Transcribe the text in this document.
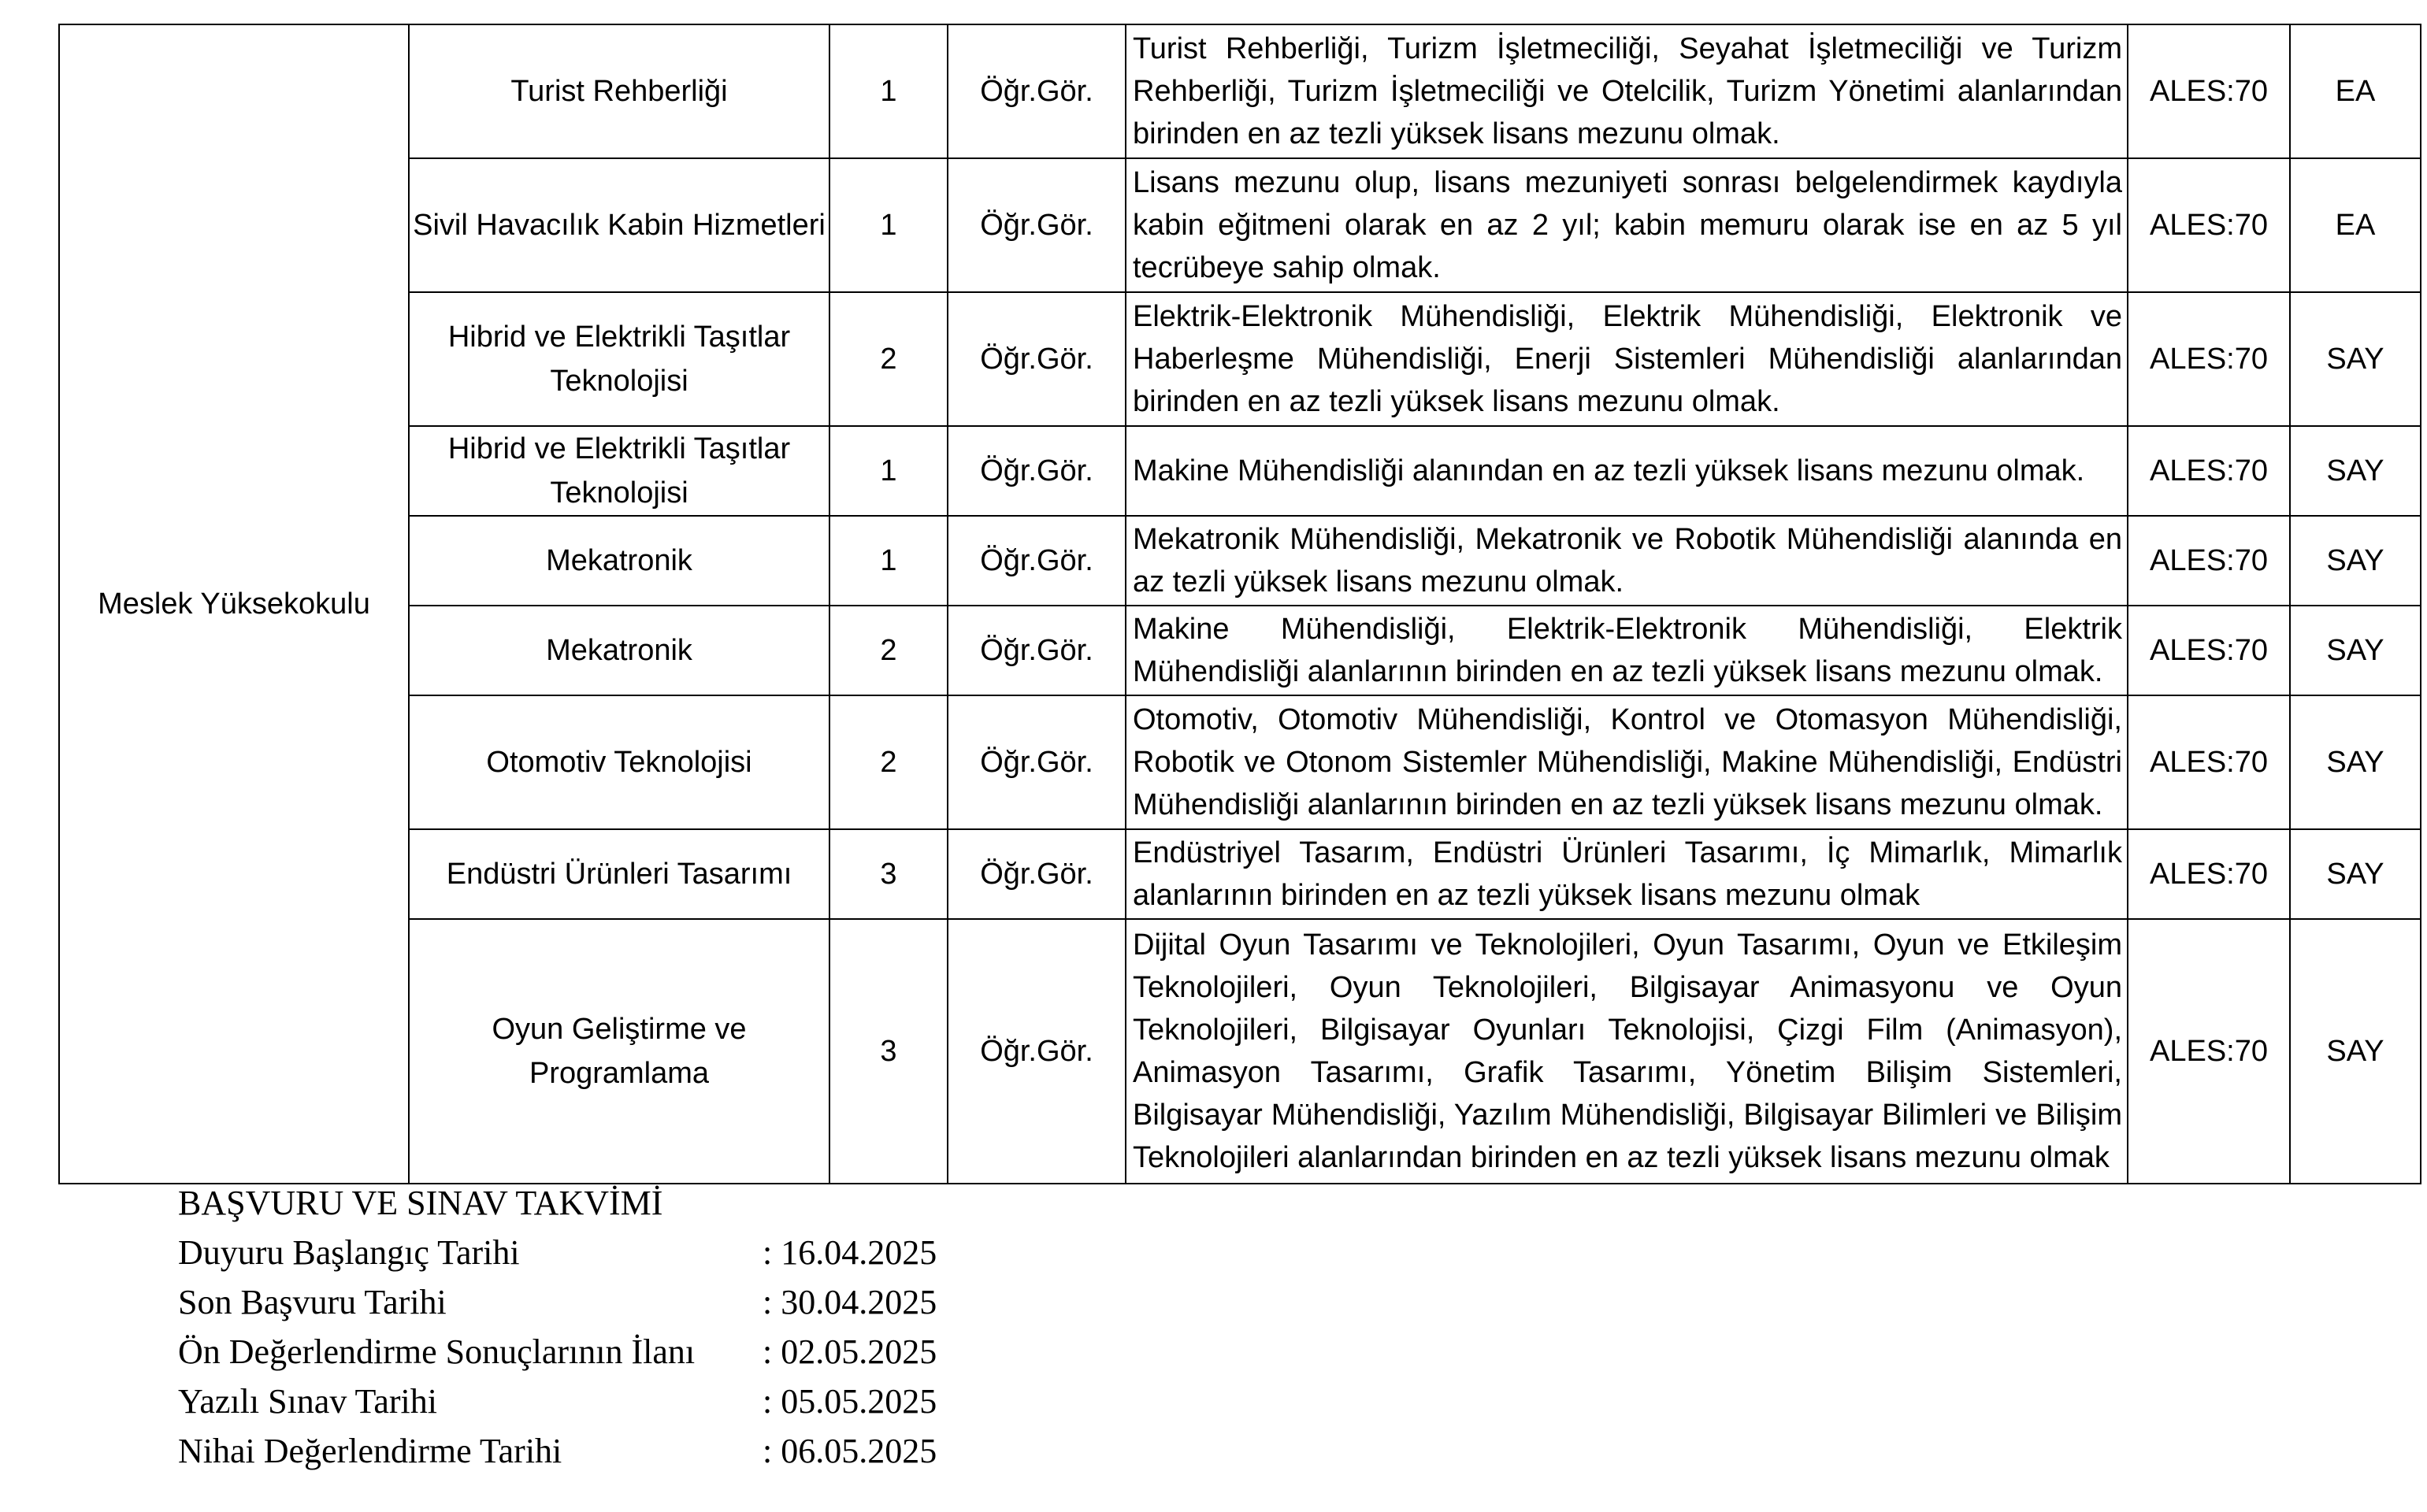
Meslek Yüksekokulu	Turist Rehberliği	1	Öğr.Gör.	Turist Rehberliği, Turizm İşletmeciliği, Seyahat İşletmeciliği ve Turizm Rehberliği, Turizm İşletmeciliği ve Otelcilik, Turizm Yönetimi alanlarından birinden en az tezli yüksek lisans mezunu olmak.	ALES:70	EA
	Sivil Havacılık Kabin Hizmetleri	1	Öğr.Gör.	Lisans mezunu olup, lisans mezuniyeti sonrası belgelendirmek kaydıyla kabin eğitmeni olarak en az 2 yıl; kabin memuru olarak ise en az 5 yıl tecrübeye sahip olmak.	ALES:70	EA
	Hibrid ve Elektrikli Taşıtlar Teknolojisi	2	Öğr.Gör.	Elektrik-Elektronik Mühendisliği, Elektrik Mühendisliği, Elektronik ve Haberleşme Mühendisliği, Enerji Sistemleri Mühendisliği alanlarından birinden en az tezli yüksek lisans mezunu olmak.	ALES:70	SAY
	Hibrid ve Elektrikli Taşıtlar Teknolojisi	1	Öğr.Gör.	Makine Mühendisliği alanından en az tezli yüksek lisans mezunu olmak.	ALES:70	SAY
	Mekatronik	1	Öğr.Gör.	Mekatronik Mühendisliği, Mekatronik ve Robotik Mühendisliği alanında en az tezli yüksek lisans mezunu olmak.	ALES:70	SAY
	Mekatronik	2	Öğr.Gör.	Makine Mühendisliği, Elektrik-Elektronik Mühendisliği, Elektrik Mühendisliği alanlarının birinden en az tezli yüksek lisans mezunu olmak.	ALES:70	SAY
	Otomotiv Teknolojisi	2	Öğr.Gör.	Otomotiv, Otomotiv Mühendisliği, Kontrol ve Otomasyon Mühendisliği, Robotik ve Otonom Sistemler Mühendisliği, Makine Mühendisliği, Endüstri Mühendisliği alanlarının birinden en az tezli yüksek lisans mezunu olmak.	ALES:70	SAY
	Endüstri Ürünleri Tasarımı	3	Öğr.Gör.	Endüstriyel Tasarım, Endüstri Ürünleri Tasarımı, İç Mimarlık, Mimarlık alanlarının birinden en az tezli yüksek lisans mezunu olmak	ALES:70	SAY
	Oyun Geliştirme ve Programlama	3	Öğr.Gör.	Dijital Oyun Tasarımı ve Teknolojileri, Oyun Tasarımı, Oyun ve Etkileşim Teknolojileri, Oyun Teknolojileri, Bilgisayar Animasyonu ve Oyun Teknolojileri, Bilgisayar Oyunları Teknolojisi, Çizgi Film (Animasyon), Animasyon Tasarımı, Grafik Tasarımı, Yönetim Bilişim Sistemleri, Bilgisayar Mühendisliği, Yazılım Mühendisliği, Bilgisayar Bilimleri ve Bilişim Teknolojileri alanlarından birinden en az tezli yüksek lisans mezunu olmak	ALES:70	SAY
BAŞVURU VE SINAV TAKVİMİ
Duyuru Başlangıç Tarihi	: 16.04.2025
Son Başvuru Tarihi	: 30.04.2025
Ön Değerlendirme Sonuçlarının İlanı : 02.05.2025
Yazılı Sınav Tarihi	: 05.05.2025
Nihai Değerlendirme Tarihi	: 06.05.2025
